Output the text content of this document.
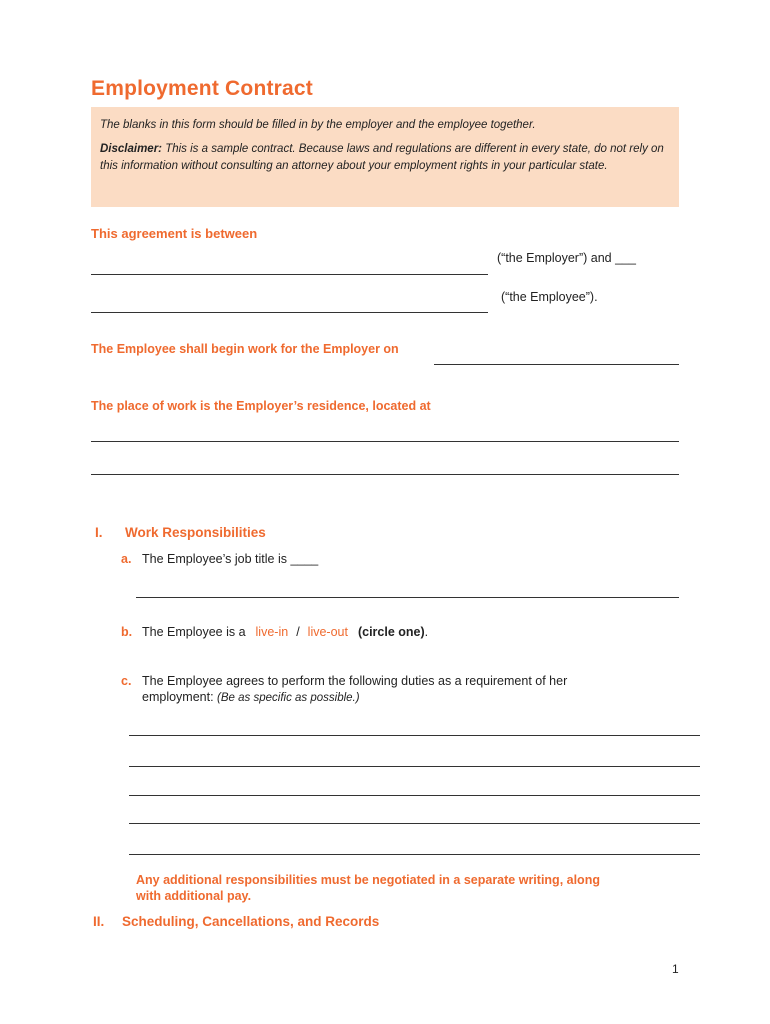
Employment Contract
The blanks in this form should be filled in by the employer and the employee together.
Disclaimer: This is a sample contract. Because laws and regulations are different in every state, do not rely on this information without consulting an attorney about your employment rights in your particular state.
This agreement is between
(“the Employer”) and ___
(“the Employee”).
The Employee shall begin work for the Employer on
The place of work is the Employer’s residence, located at
I. Work Responsibilities
a. The Employee’s job title is ____
b. The Employee is a live-in / live-out (circle one).
c. The Employee agrees to perform the following duties as a requirement of her
employment: (Be as specific as possible.)
Any additional responsibilities must be negotiated in a separate writing, along
with additional pay.
II. Scheduling, Cancellations, and Records
1
